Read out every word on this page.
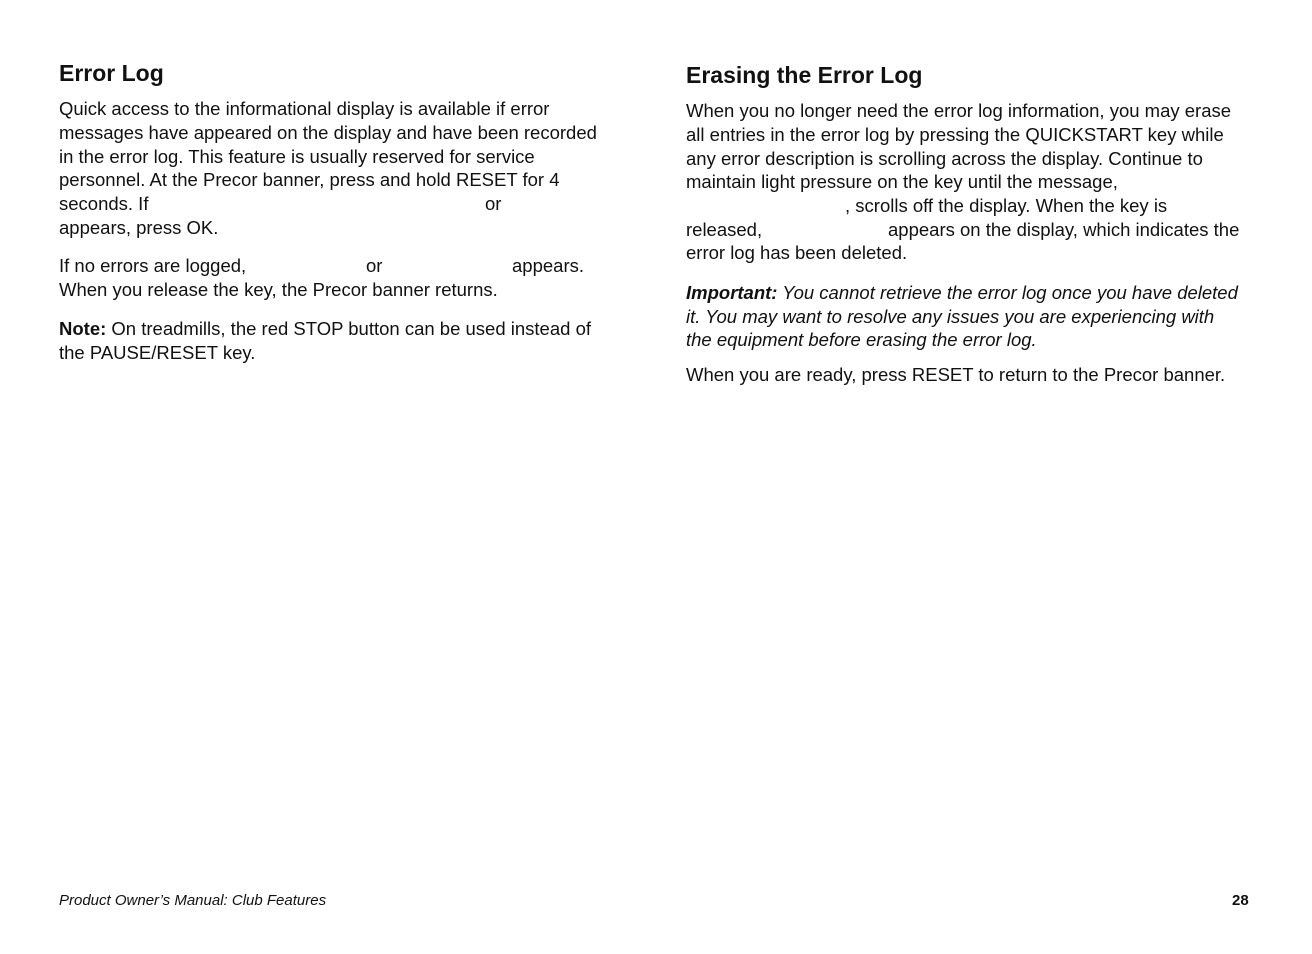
Error Log
Quick access to the informational display is available if error
messages have appeared on the display and have been recorded
in the error log. This feature is usually reserved for service
personnel. At the Precor banner, press and hold RESET for 4
seconds. If	or
appears, press OK.
If no errors are logged,	or	appears.
When you release the key, the Precor banner returns.
Note: On treadmills, the red STOP button can be used instead of
the PAUSE/RESET key.
Erasing the Error Log
When you no longer need the error log information, you may erase
all entries in the error log by pressing the QUICKSTART key while
any error description is scrolling across the display. Continue to
maintain light pressure on the key until the message,
, scrolls off the display. When the key is
released,	appears on the display, which indicates the
error log has been deleted.
Important: You cannot retrieve the error log once you have deleted
it. You may want to resolve any issues you are experiencing with
the equipment before erasing the error log.
When you are ready, press RESET to return to the Precor banner.
Product Owner’s Manual: Club Features	28
